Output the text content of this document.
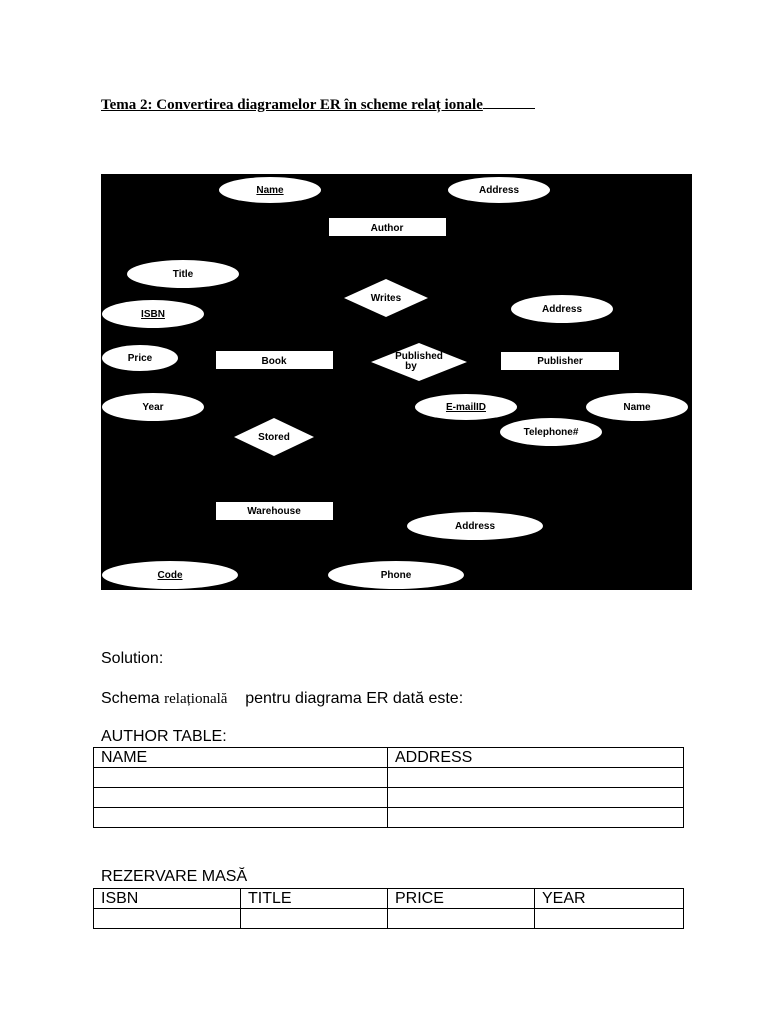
Tema 2: Convertirea diagramelor ER în scheme relaț ionale
Name	Address
Author
Title
ISBN
Price
Year
Writes
Book	Published
by	Publisher
Address
E-mailID	Name
Telephone#
Stored
Warehouse
Address
Code	Phone
Solution:
Schema relațională pentru diagrama ER dată este:
AUTHOR TABLE:
NAME	ADDRESS

REZERVARE MASĂ
ISBN	TITLE	PRICE	YEAR
